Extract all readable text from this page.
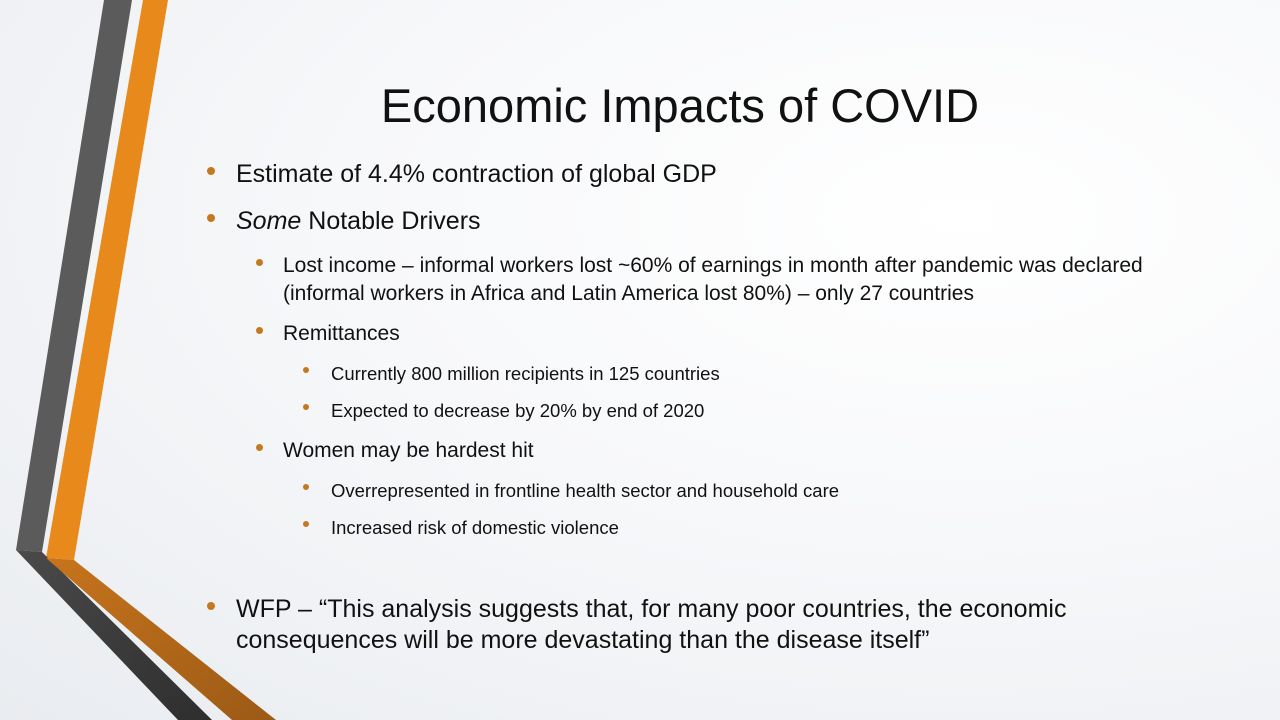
Economic Impacts of COVID
Estimate of 4.4% contraction of global GDP
Some Notable Drivers
Lost income – informal workers lost ~60% of earnings in month after pandemic was declared
(informal workers in Africa and Latin America lost 80%) – only 27 countries
Remittances
Currently 800 million recipients in 125 countries
Expected to decrease by 20% by end of 2020
Women may be hardest hit
Overrepresented in frontline health sector and household care
Increased risk of domestic violence
WFP – “This analysis suggests that, for many poor countries, the economic
consequences will be more devastating than the disease itself”
